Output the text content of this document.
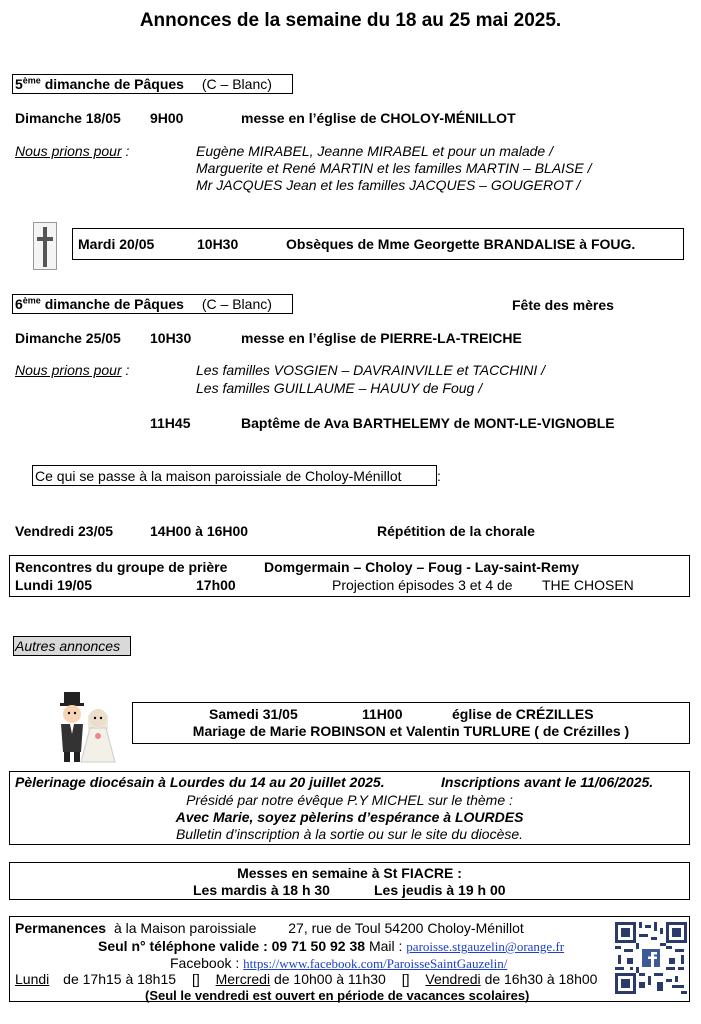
Annonces de la semaine du 18 au 25 mai 2025.
5ème dimanche de Pâques (C – Blanc)
Dimanche 18/05 9H00	messe en l’église de CHOLOY-MÉNILLOT
Nous prions pour :	Eugène MIRABEL, Jeanne MIRABEL et pour un malade /
Marguerite et René MARTIN et les familles MARTIN – BLAISE /
Mr JACQUES Jean et les familles JACQUES – GOUGEROT /
Mardi 20/05	10H30	Obsèques de Mme Georgette BRANDALISE à FOUG.
6ème dimanche de Pâques (C – Blanc)	Fête des mères
Dimanche 25/05 10H30	messe en l’église de PIERRE-LA-TREICHE
Nous prions pour :	Les familles VOSGIEN – DAVRAINVILLE et TACCHINI /
Les familles GUILLAUME – HAUUY de Foug /
11H45	Baptême de Ava BARTHELEMY de MONT-LE-VIGNOBLE
Ce qui se passe à la maison paroissiale de Choloy-Ménillot	:
Vendredi 23/05	14H00 à 16H00	Répétition de la chorale
Rencontres du groupe de prière	Domgermain – Choloy – Foug - Lay-saint-Remy
Lundi 19/05	17h00	Projection épisodes 3 et 4 de THE CHOSEN
Autres annonces
Samedi 31/05	11H00	église de CRÉZILLES
Mariage de Marie ROBINSON et Valentin TURLURE ( de Crézilles )
Pèlerinage diocésain à Lourdes du 14 au 20 juillet 2025.	Inscriptions avant le 11/06/2025.
Présidé par notre évêque P.Y MICHEL sur le thème :
Avec Marie, soyez pèlerins d’espérance à LOURDES
Bulletin d’inscription à la sortie ou sur le site du diocèse.
Messes en semaine à St FIACRE :
Les mardis à 18 h 30	Les jeudis à 19 h 00
Permanences à la Maison paroissiale 27, rue de Toul 54200 Choloy-Ménillot
Seul n° téléphone valide : 09 71 50 92 38 Mail : paroisse.stgauzelin@orange.fr
Facebook : https://www.facebook.com/ParoisseSaintGauzelin/
Lundi de 17h15 à 18h15 [] Mercredi de 10h00 à 11h30 [] Vendredi de 16h30 à 18h00
(Seul le vendredi est ouvert en période de vacances scolaires)
